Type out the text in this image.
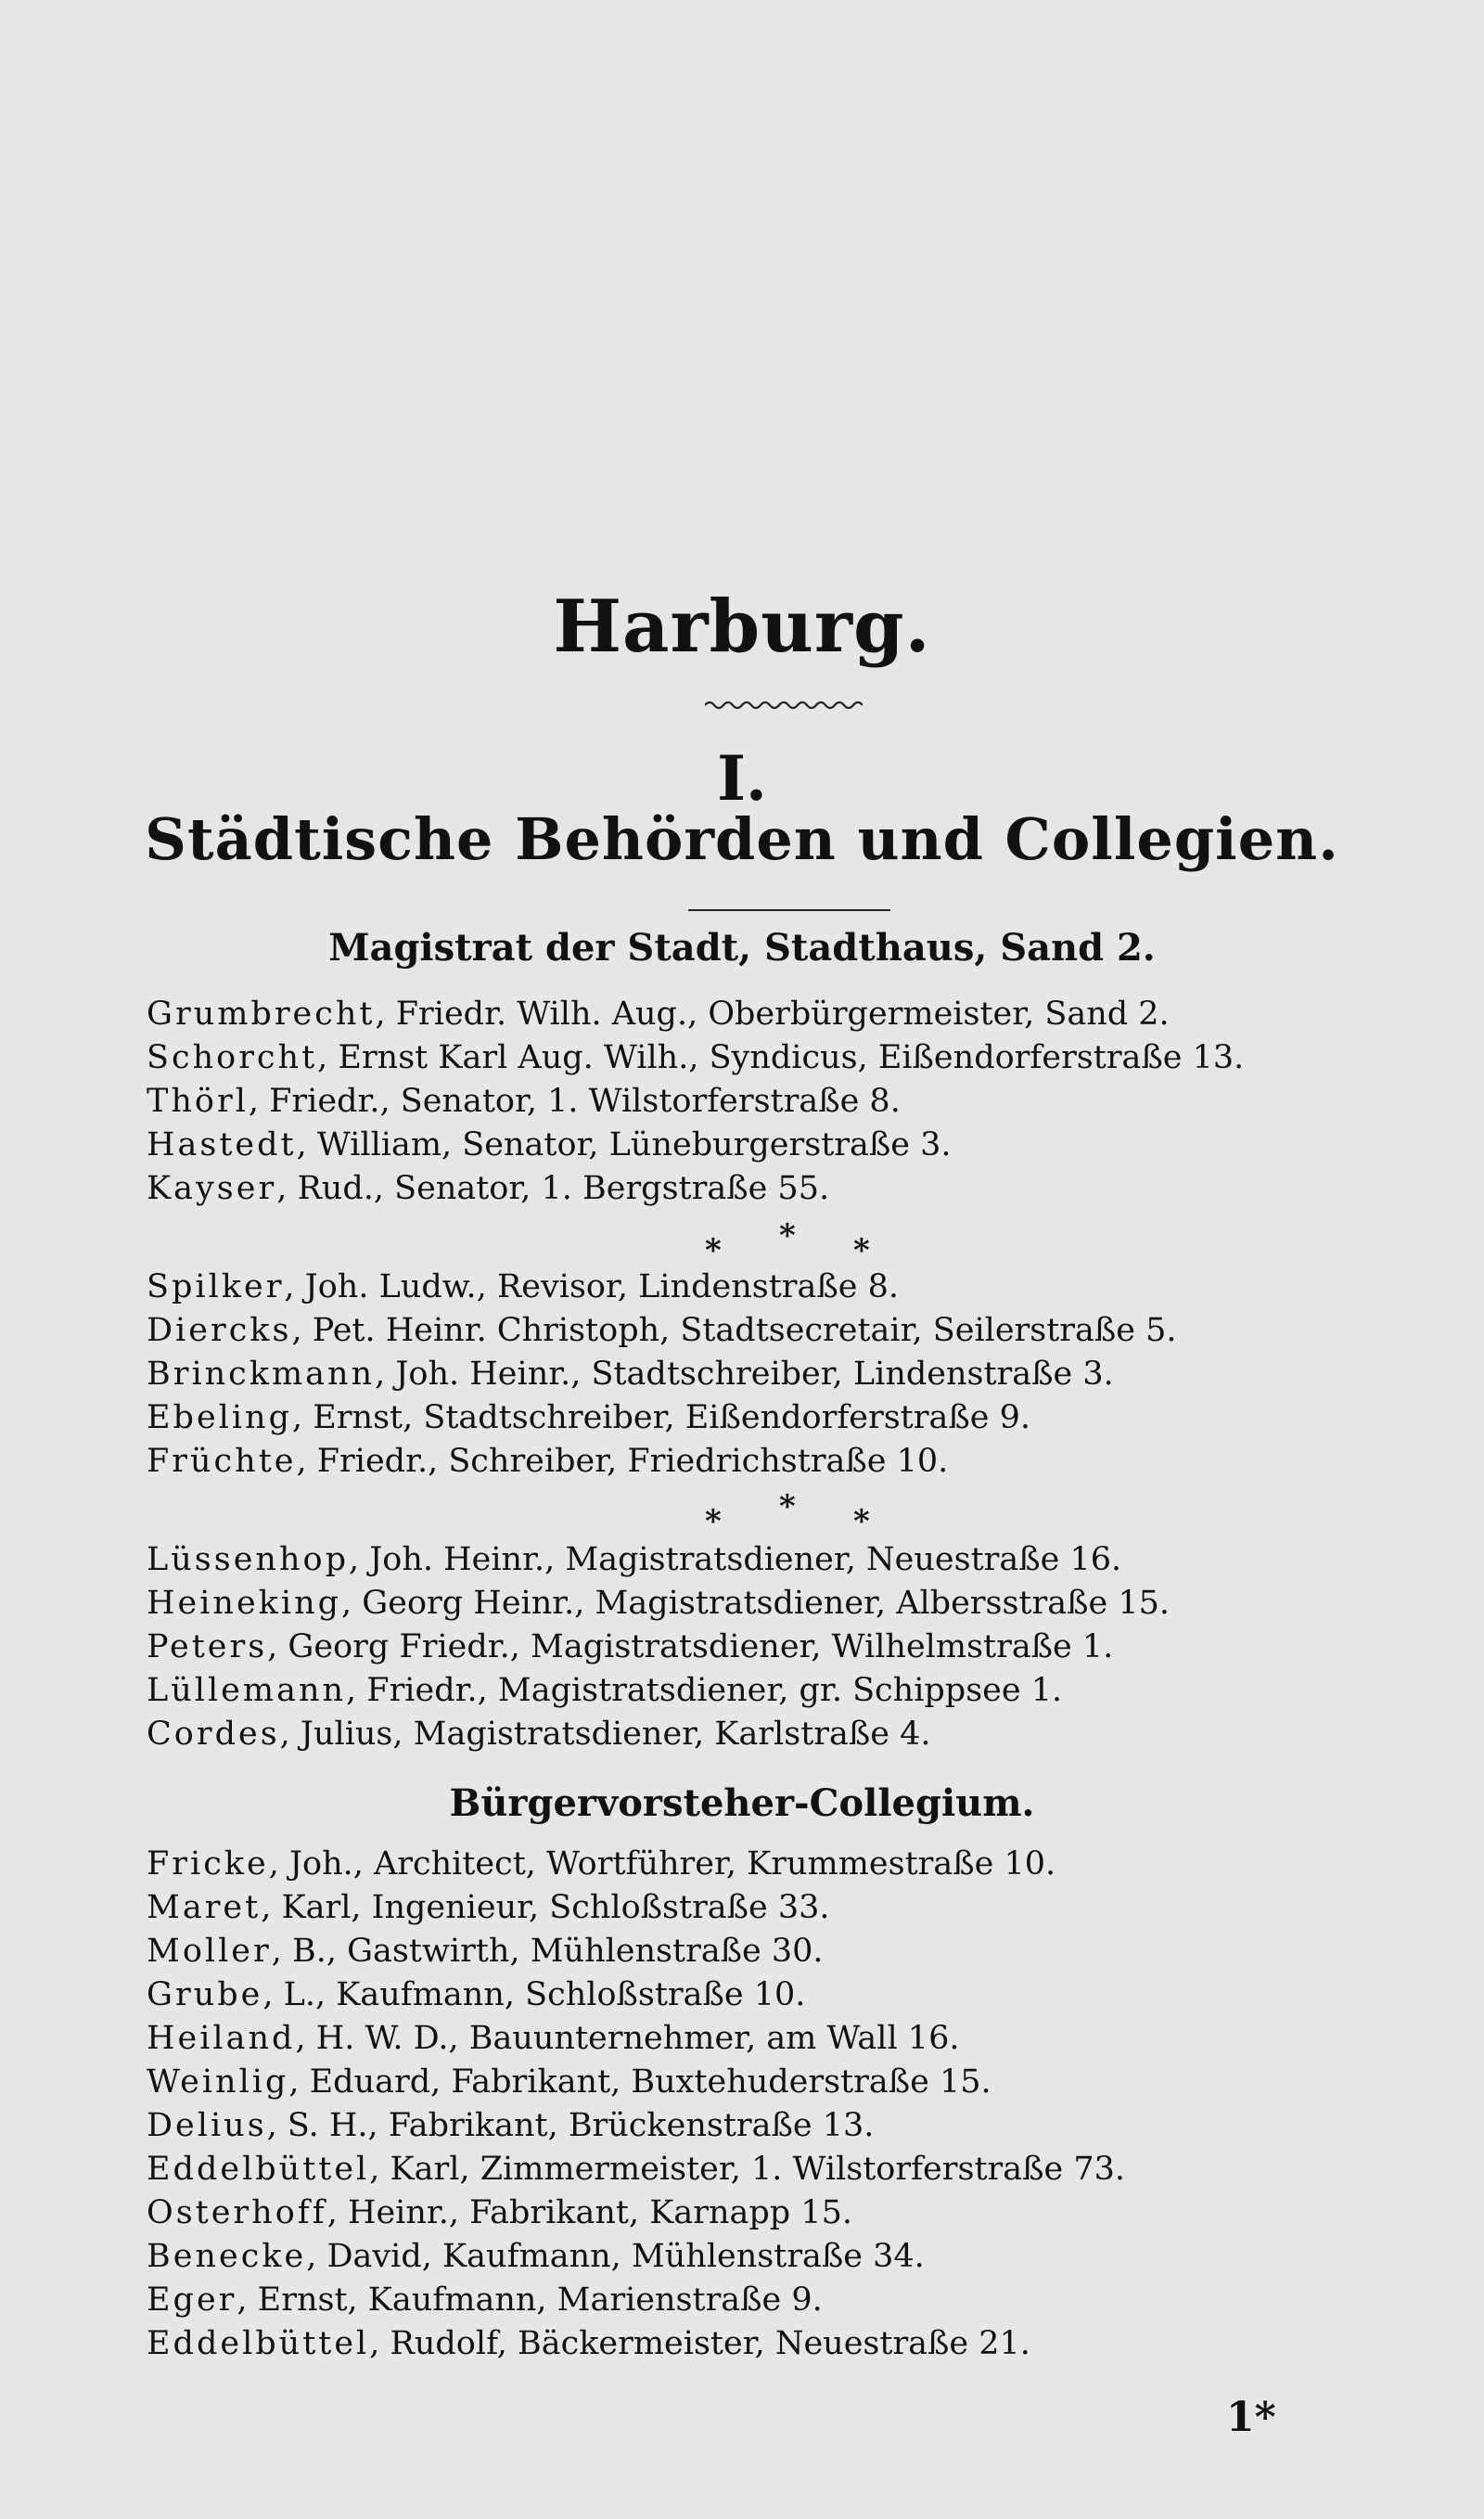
Harburg.
I.
Städtische Behörden und Collegien.
Magistrat der Stadt, Stadthaus, Sand 2.
Grumbrecht, Friedr. Wilh. Aug., Oberbürgermeister, Sand 2.
Schorcht, Ernst Karl Aug. Wilh., Syndicus, Eißendorferstraße 13.
Thörl, Friedr., Senator, 1. Wilstorferstraße 8.
Hastedt, William, Senator, Lüneburgerstraße 3.
Kayser, Rud., Senator, 1. Bergstraße 55.
* * *
Spilker, Joh. Ludw., Revisor, Lindenstraße 8.
Diercks, Pet. Heinr. Christoph, Stadtsecretair, Seilerstraße 5.
Brinckmann, Joh. Heinr., Stadtschreiber, Lindenstraße 3.
Ebeling, Ernst, Stadtschreiber, Eißendorferstraße 9.
Früchte, Friedr., Schreiber, Friedrichstraße 10.
* * *
Lüssenhop, Joh. Heinr., Magistratsdiener, Neuestraße 16.
Heineking, Georg Heinr., Magistratsdiener, Albersstraße 15.
Peters, Georg Friedr., Magistratsdiener, Wilhelmstraße 1.
Lüllemann, Friedr., Magistratsdiener, gr. Schippsee 1.
Cordes, Julius, Magistratsdiener, Karlstraße 4.
Bürgervorsteher-Collegium.
Fricke, Joh., Architect, Wortführer, Krummestraße 10.
Maret, Karl, Ingenieur, Schloßstraße 33.
Moller, B., Gastwirth, Mühlenstraße 30.
Grube, L., Kaufmann, Schloßstraße 10.
Heiland, H. W. D., Bauunternehmer, am Wall 16.
Weinlig, Eduard, Fabrikant, Buxtehuderstraße 15.
Delius, S. H., Fabrikant, Brückenstraße 13.
Eddelbüttel, Karl, Zimmermeister, 1. Wilstorferstraße 73.
Osterhoff, Heinr., Fabrikant, Karnapp 15.
Benecke, David, Kaufmann, Mühlenstraße 34.
Eger, Ernst, Kaufmann, Marienstraße 9.
Eddelbüttel, Rudolf, Bäckermeister, Neuestraße 21.
1*
